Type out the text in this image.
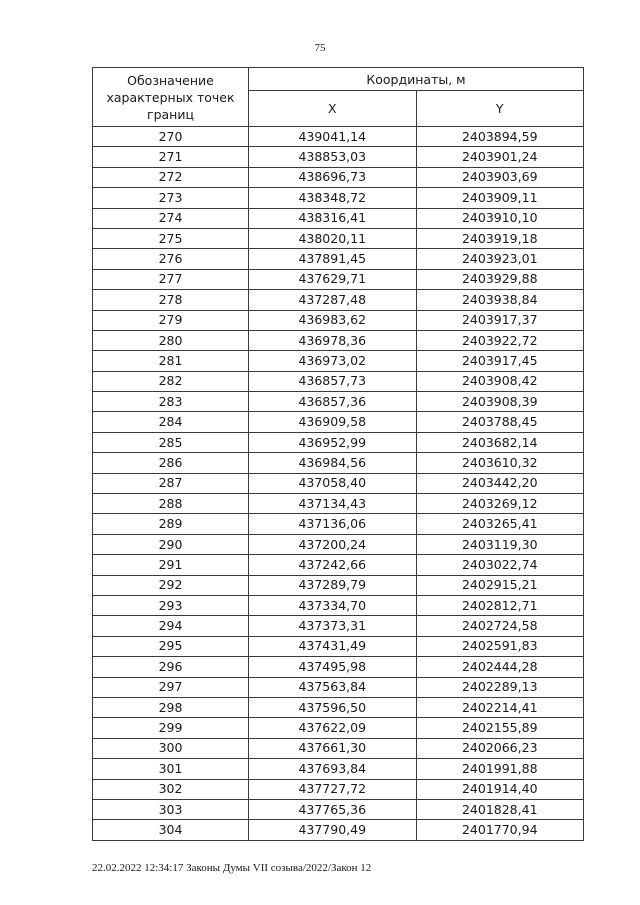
75
Обозначение характерных точек границ	Координаты, м	
	X	Y
270	439041,14	2403894,59
271	438853,03	2403901,24
272	438696,73	2403903,69
273	438348,72	2403909,11
274	438316,41	2403910,10
275	438020,11	2403919,18
276	437891,45	2403923,01
277	437629,71	2403929,88
278	437287,48	2403938,84
279	436983,62	2403917,37
280	436978,36	2403922,72
281	436973,02	2403917,45
282	436857,73	2403908,42
283	436857,36	2403908,39
284	436909,58	2403788,45
285	436952,99	2403682,14
286	436984,56	2403610,32
287	437058,40	2403442,20
288	437134,43	2403269,12
289	437136,06	2403265,41
290	437200,24	2403119,30
291	437242,66	2403022,74
292	437289,79	2402915,21
293	437334,70	2402812,71
294	437373,31	2402724,58
295	437431,49	2402591,83
296	437495,98	2402444,28
297	437563,84	2402289,13
298	437596,50	2402214,41
299	437622,09	2402155,89
300	437661,30	2402066,23
301	437693,84	2401991,88
302	437727,72	2401914,40
303	437765,36	2401828,41
304	437790,49	2401770,94
22.02.2022 12:34:17 Законы Думы VII созыва/2022/Закон 12
